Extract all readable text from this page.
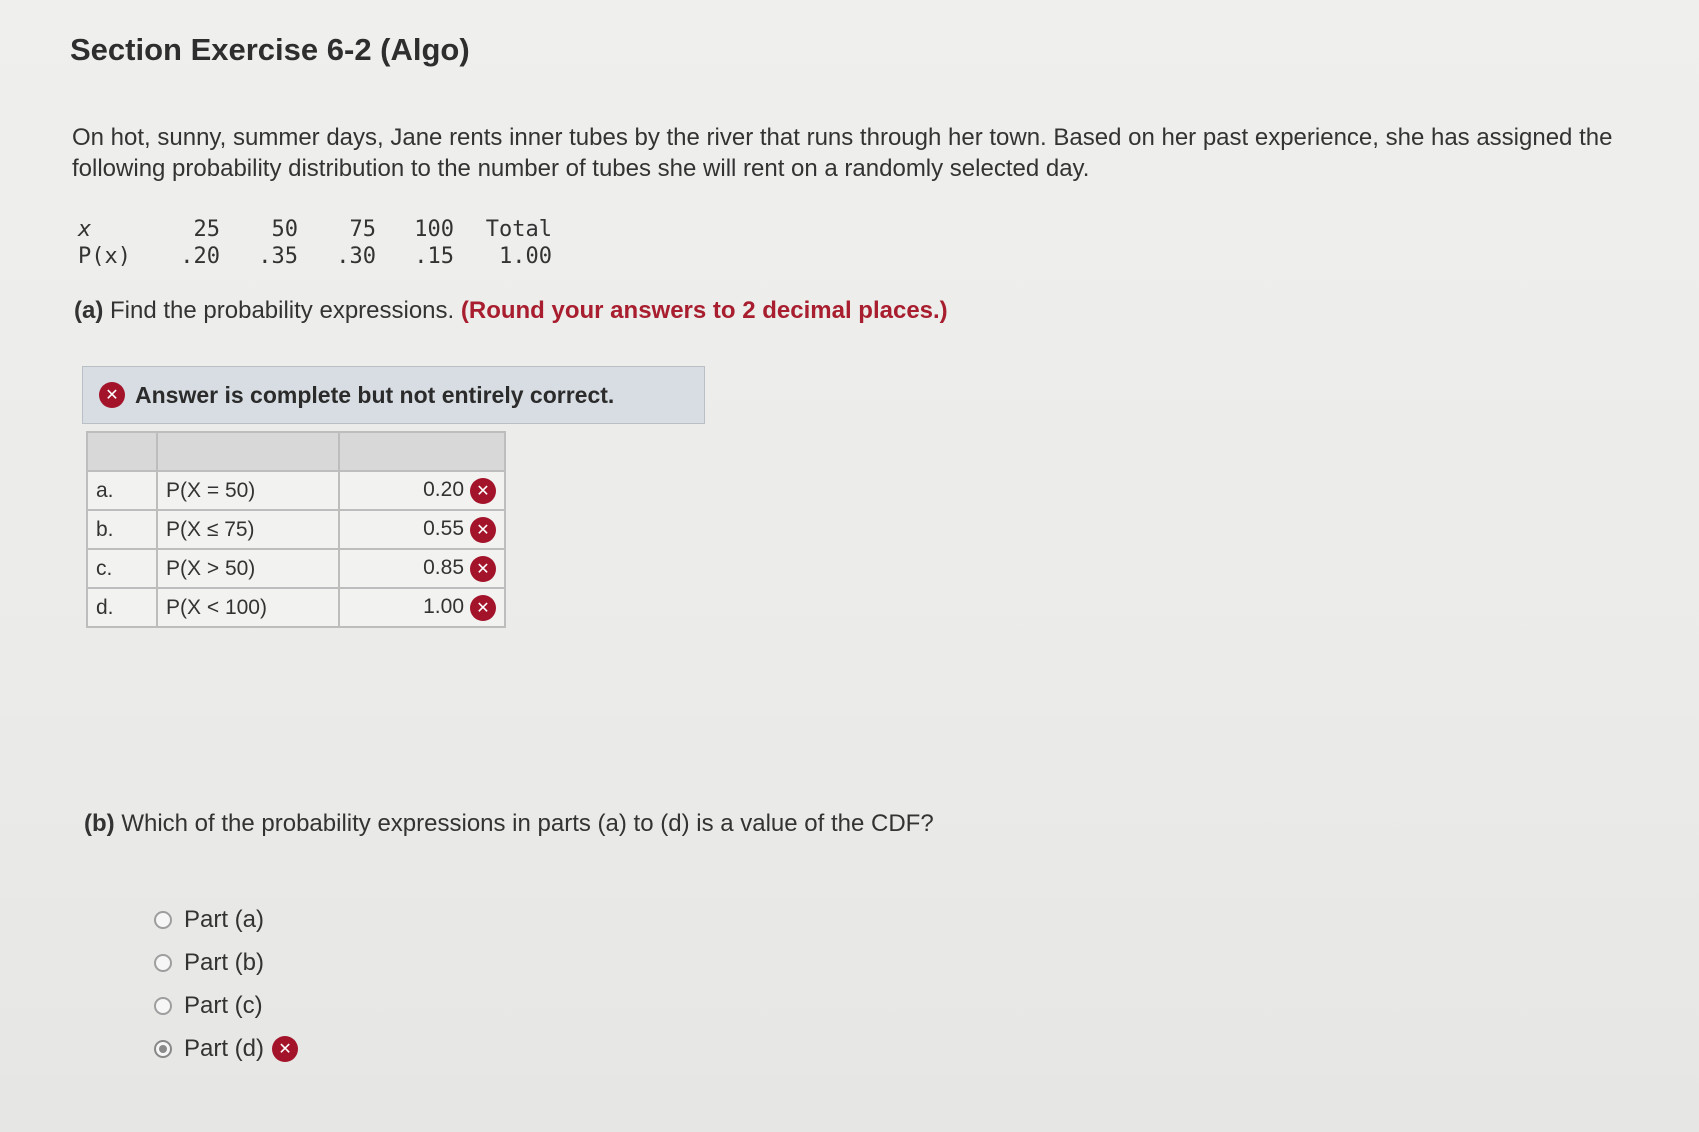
Section Exercise 6-2 (Algo)
On hot, sunny, summer days, Jane rents inner tubes by the river that runs through her town. Based on her past experience, she has assigned the following probability distribution to the number of tubes she will rent on a randomly selected day.
x	25	50	75	100	Total
P(x)	.20	.35	.30	.15	1.00
(a) Find the probability expressions. (Round your answers to 2 decimal places.)
✕ Answer is complete but not entirely correct.

a.	P(X = 50)	0.20 ✕
b.	P(X ≤ 75)	0.55 ✕
c.	P(X > 50)	0.85 ✕
d.	P(X < 100)	1.00 ✕
(b) Which of the probability expressions in parts (a) to (d) is a value of the CDF?
Part (a)
Part (b)
Part (c)
Part (d) ✕
